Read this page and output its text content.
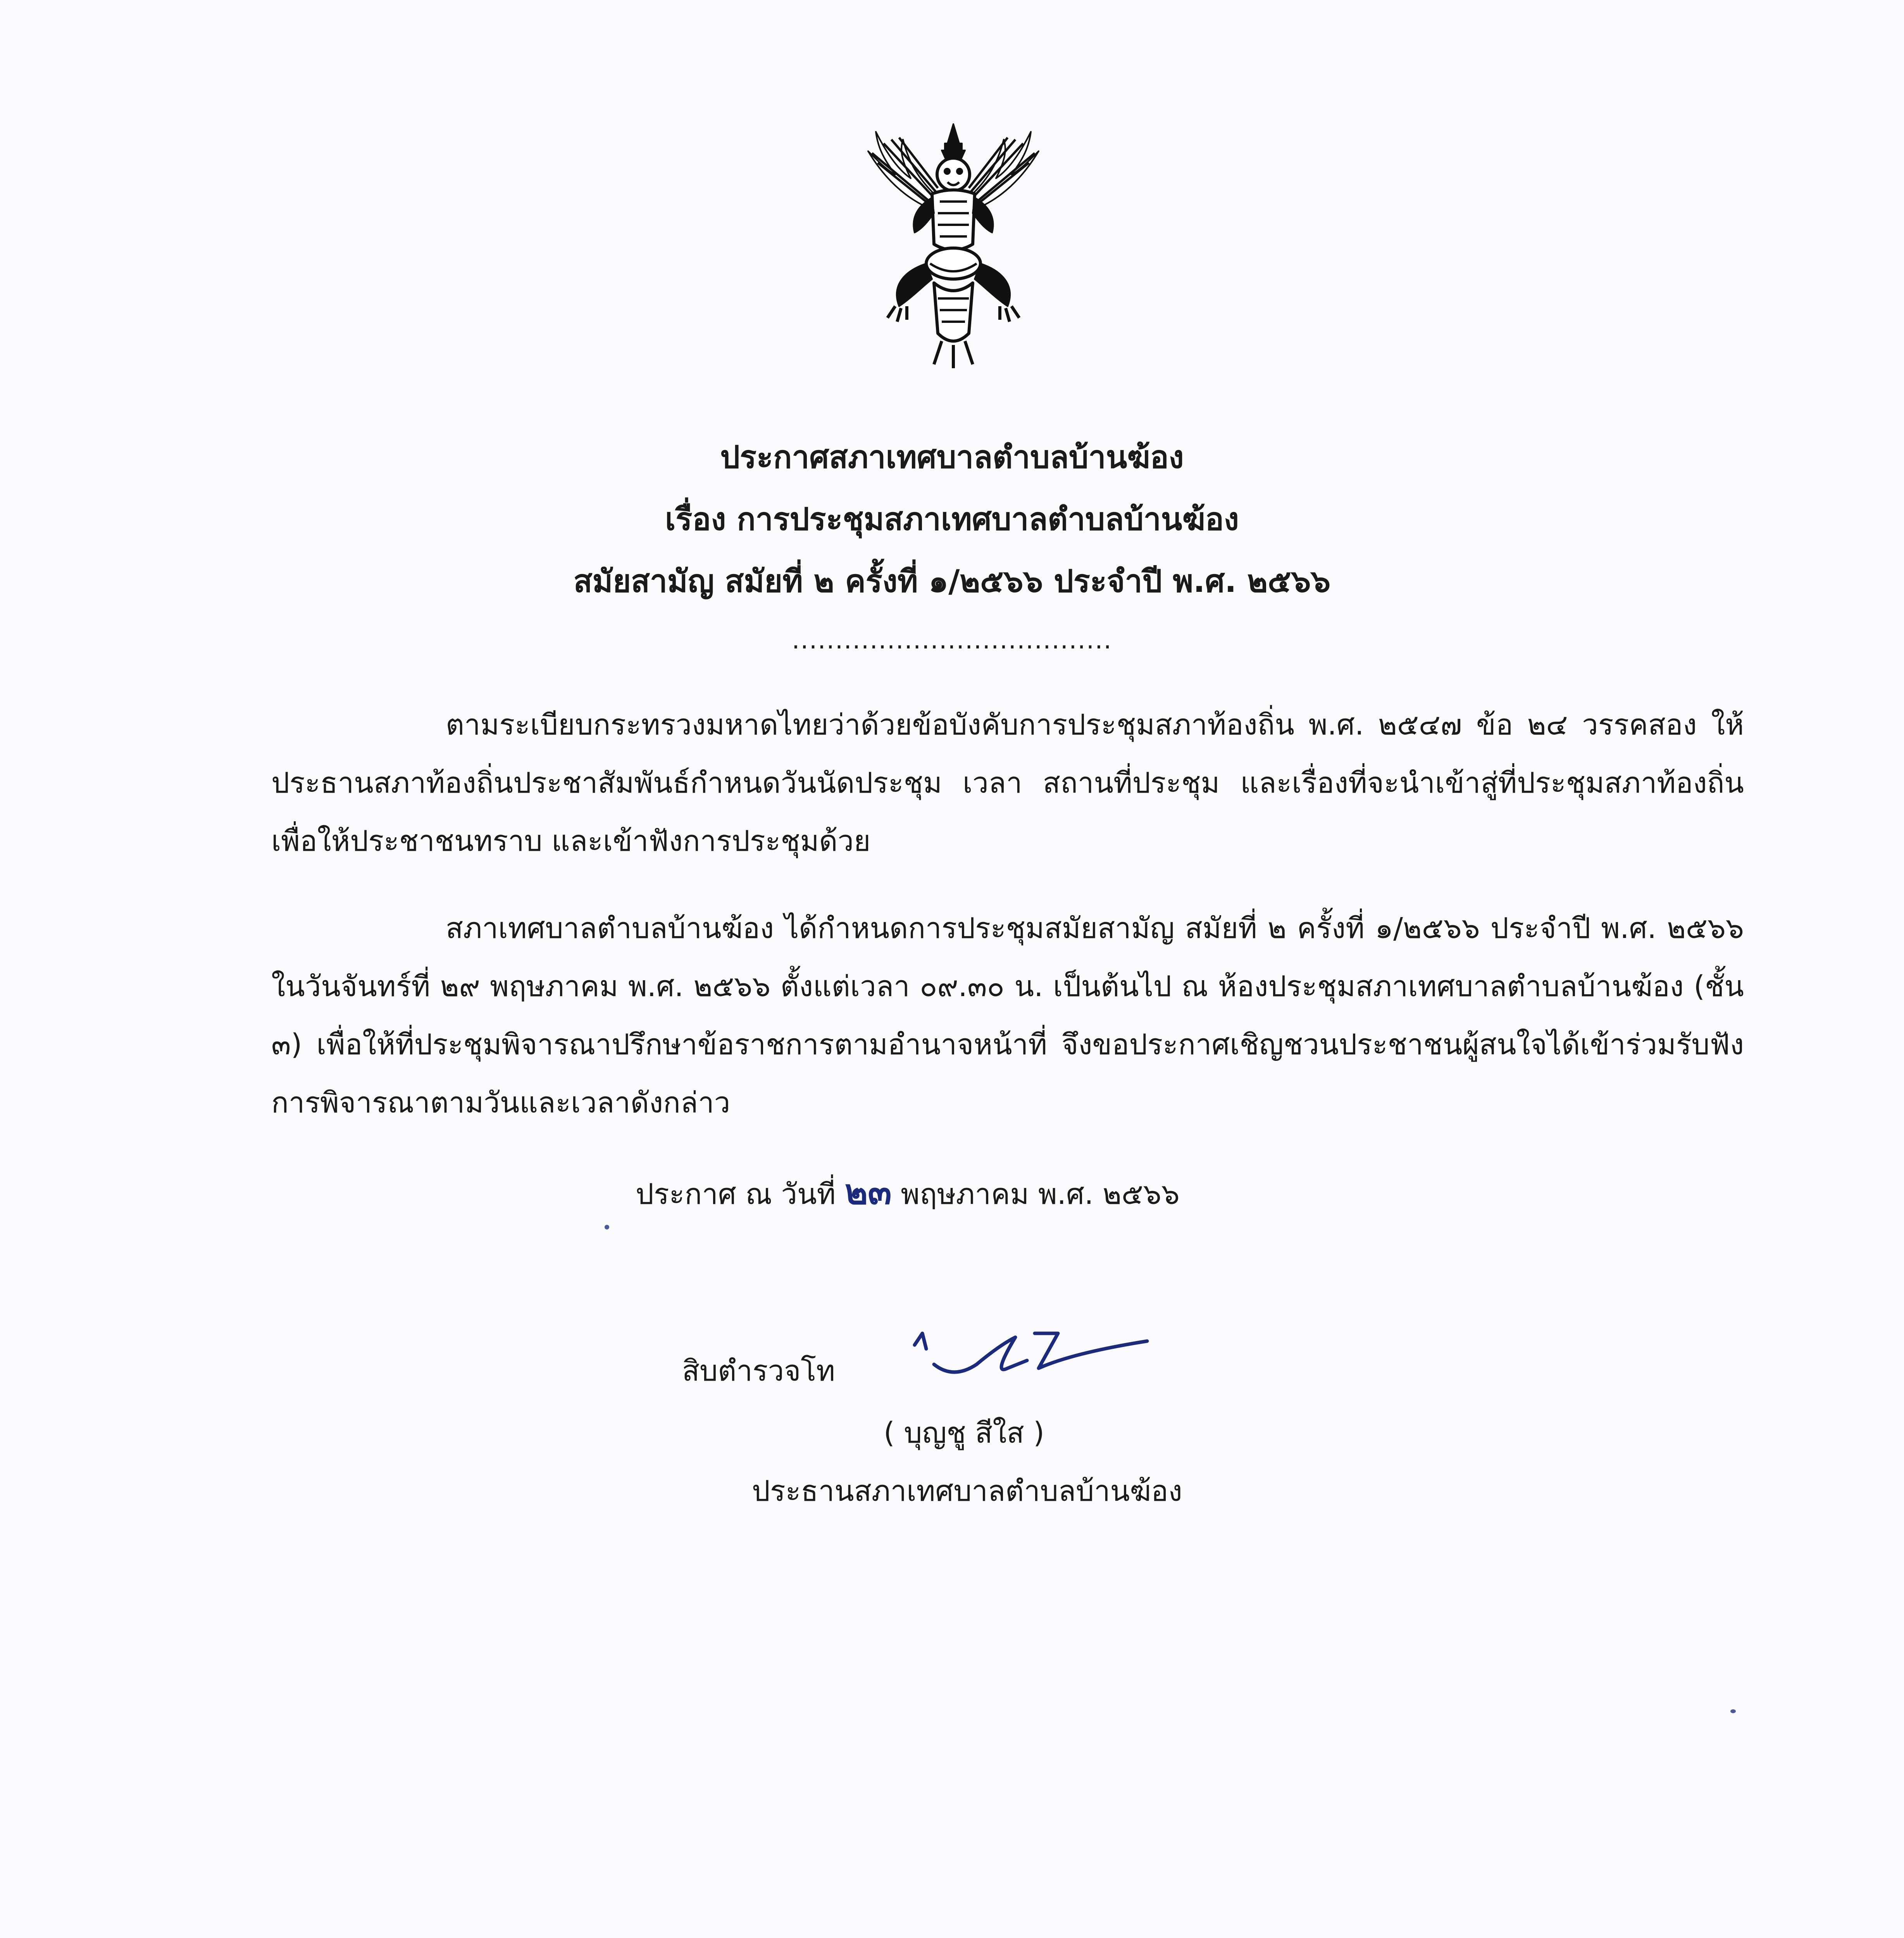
ประกาศสภาเทศบาลตำบลบ้านฆ้อง
เรื่อง การประชุมสภาเทศบาลตำบลบ้านฆ้อง
สมัยสามัญ สมัยที่ ๒ ครั้งที่ ๑/๒๕๖๖ ประจำปี พ.ศ. ๒๕๖๖
.....................................
ตามระเบียบกระทรวงมหาดไทยว่าด้วยข้อบังคับการประชุมสภาท้องถิ่น พ.ศ. ๒๕๔๗ ข้อ ๒๔ วรรคสอง ให้ประธานสภาท้องถิ่นประชาสัมพันธ์กำหนดวันนัดประชุม เวลา สถานที่ประชุม และเรื่องที่จะนำเข้าสู่ที่ประชุมสภาท้องถิ่น เพื่อให้ประชาชนทราบ และเข้าฟังการประชุมด้วย
สภาเทศบาลตำบลบ้านฆ้อง ได้กำหนดการประชุมสมัยสามัญ สมัยที่ ๒ ครั้งที่ ๑/๒๕๖๖ ประจำปี พ.ศ. ๒๕๖๖ ในวันจันทร์ที่ ๒๙ พฤษภาคม พ.ศ. ๒๕๖๖ ตั้งแต่เวลา ๐๙.๓๐ น. เป็นต้นไป ณ ห้องประชุมสภาเทศบาลตำบลบ้านฆ้อง (ชั้น ๓) เพื่อให้ที่ประชุมพิจารณาปรึกษาข้อราชการตามอำนาจหน้าที่ จึงขอประกาศเชิญชวนประชาชนผู้สนใจได้เข้าร่วมรับฟังการพิจารณาตามวันและเวลาดังกล่าว
ประกาศ ณ วันที่ ๒๓ พฤษภาคม พ.ศ. ๒๕๖๖
สิบตำรวจโท
( บุญชู สีใส )
ประธานสภาเทศบาลตำบลบ้านฆ้อง
